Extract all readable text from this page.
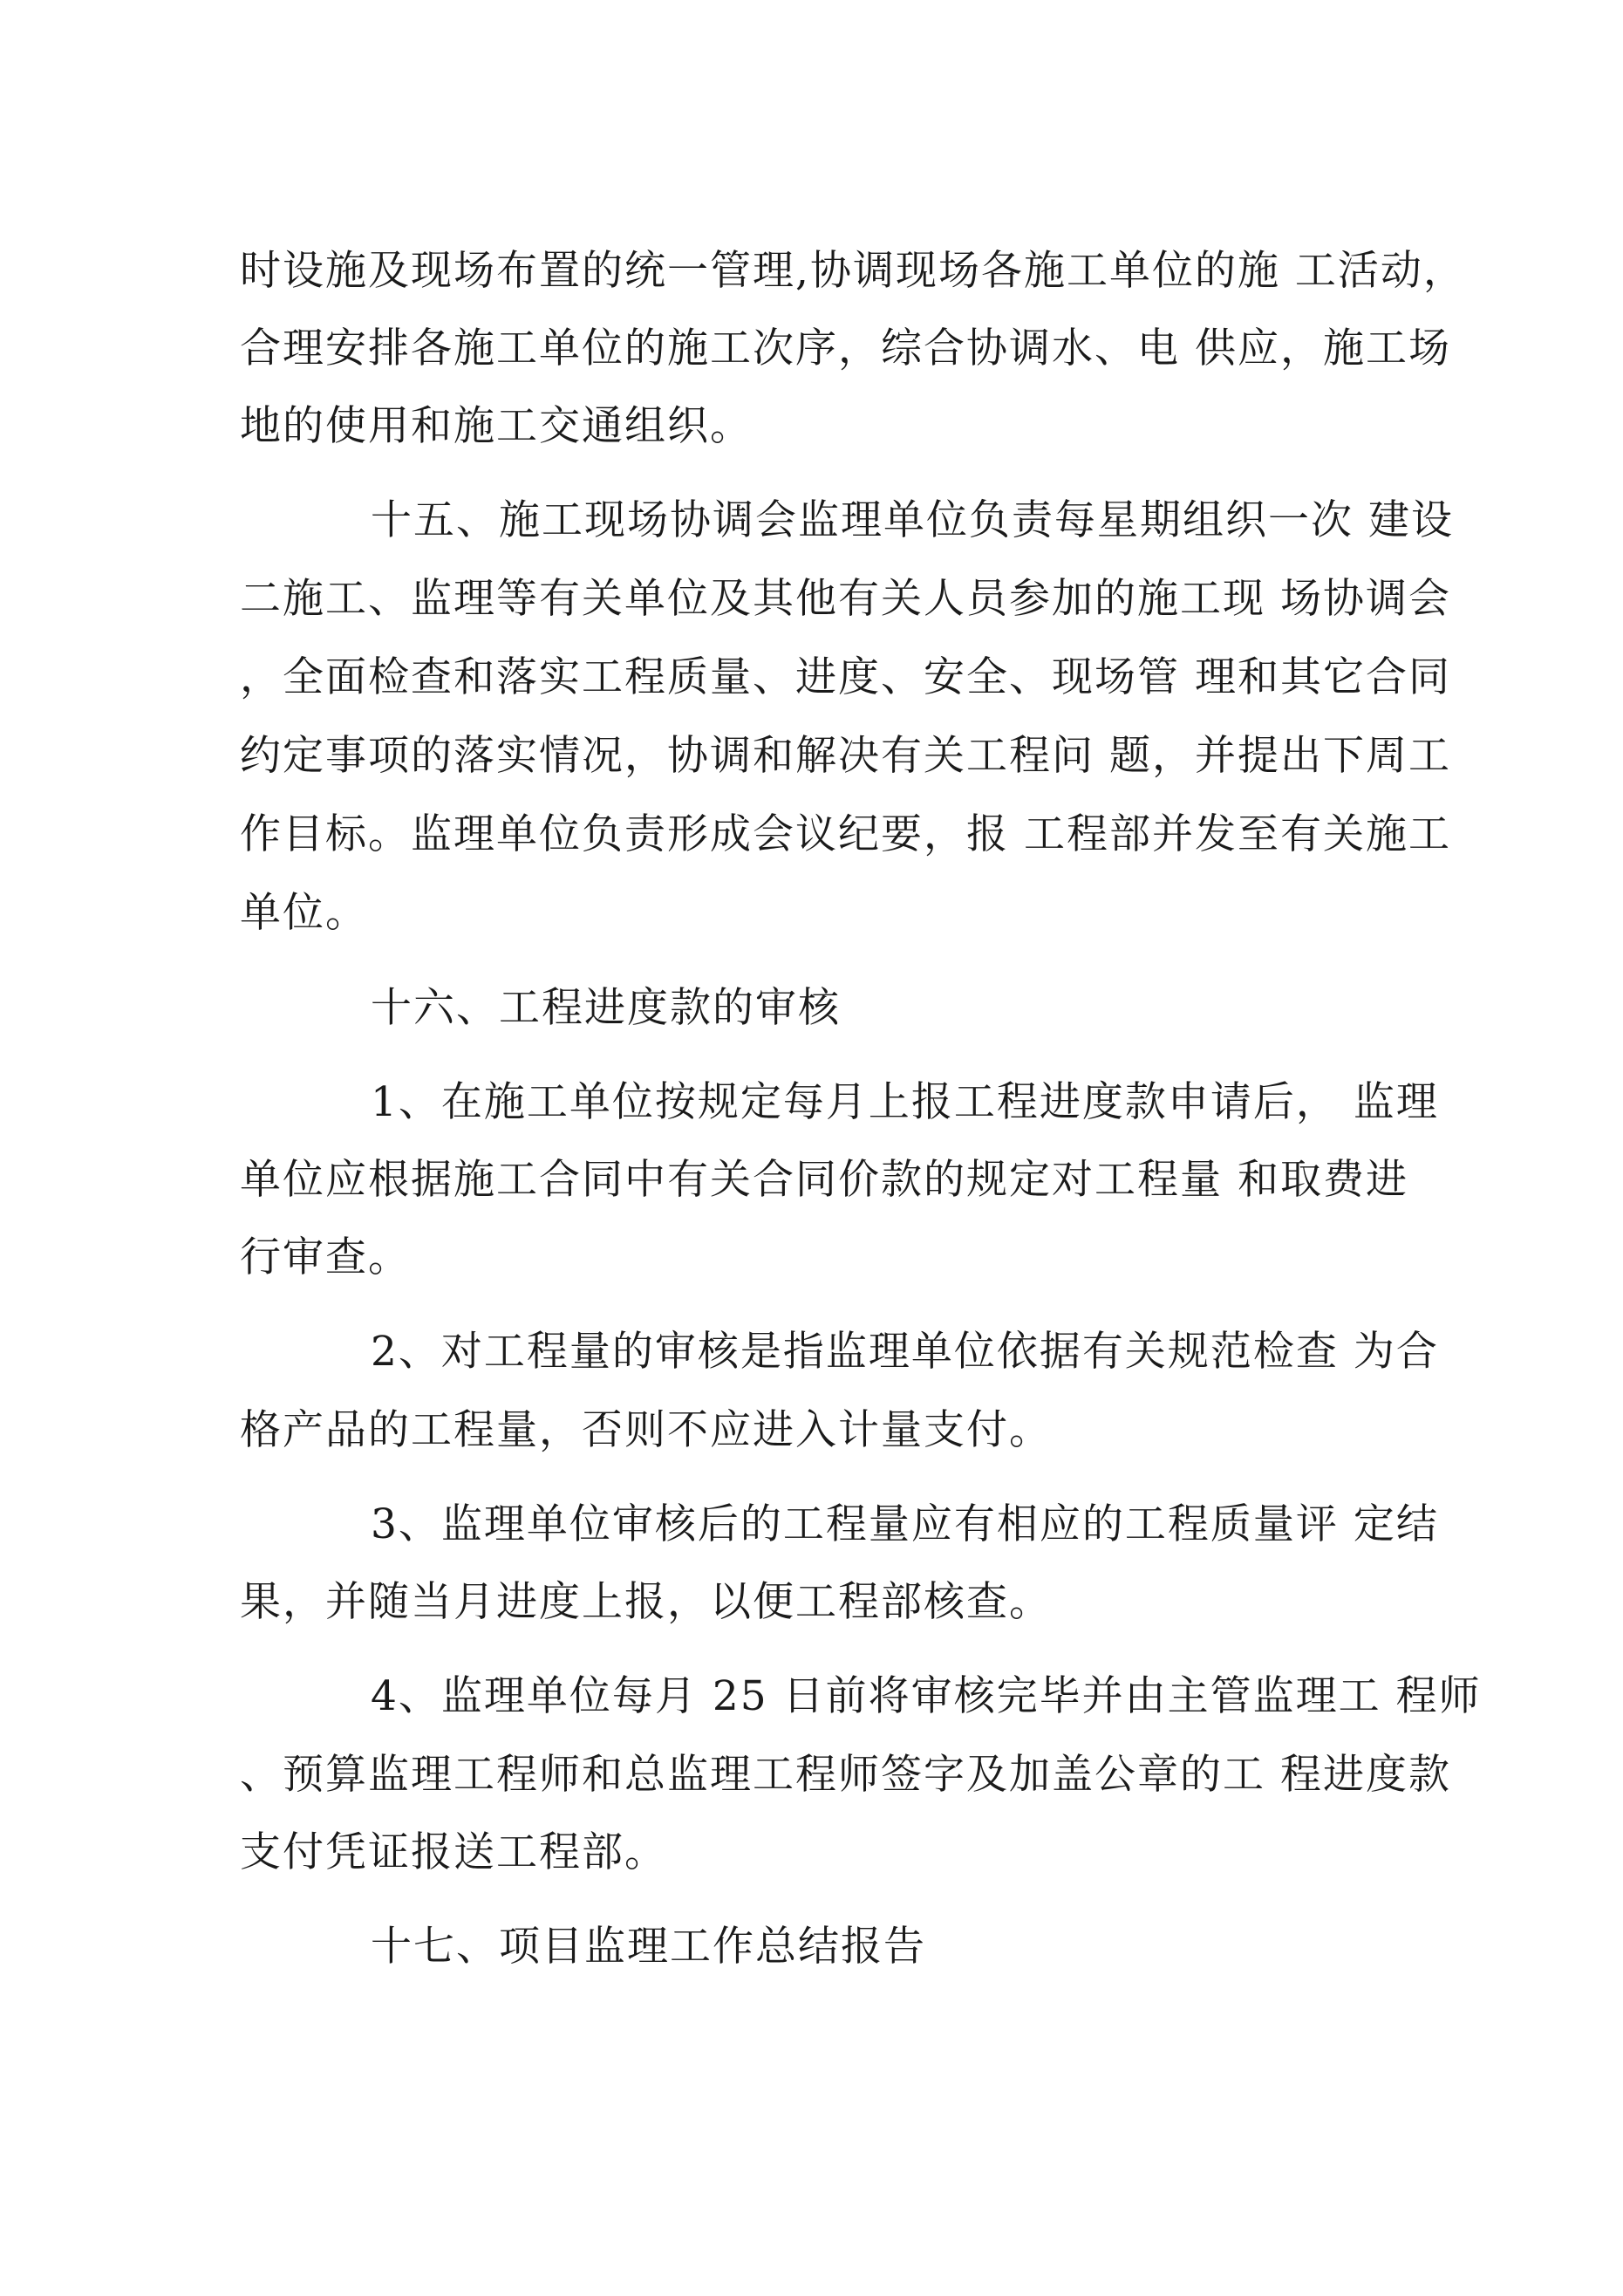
时设施及现场布置的统一管理,协调现场各施工单位的施 工活动，
合理安排各施工单位的施工次序，综合协调水、电 供应，施工场
地的使用和施工交通组织。
十五、施工现场协调会监理单位负责每星期组织一次 建设
二施工、监理等有关单位及其他有关人员参加的施工现 场协调会
，全面检查和落实工程质量、进度、安全、现场管 理和其它合同
约定事项的落实情况，协调和解决有关工程问 题，并提出下周工
作目标。监理单位负责形成会议纪要，报 工程部并发至有关施工
单位。
十六、工程进度款的审核
1、在施工单位按规定每月上报工程进度款申请后， 监理
单位应根据施工合同中有关合同价款的规定对工程量 和取费进
行审查。
2、对工程量的审核是指监理单位依据有关规范检查 为合
格产品的工程量，否则不应进入计量支付。
3、监理单位审核后的工程量应有相应的工程质量评 定结
果，并随当月进度上报，以便工程部核查。
4、监理单位每月 25 日前将审核完毕并由主管监理工 程师
、预算监理工程师和总监理工程师签字及加盖公章的工 程进度款
支付凭证报送工程部。
十七、项目监理工作总结报告
